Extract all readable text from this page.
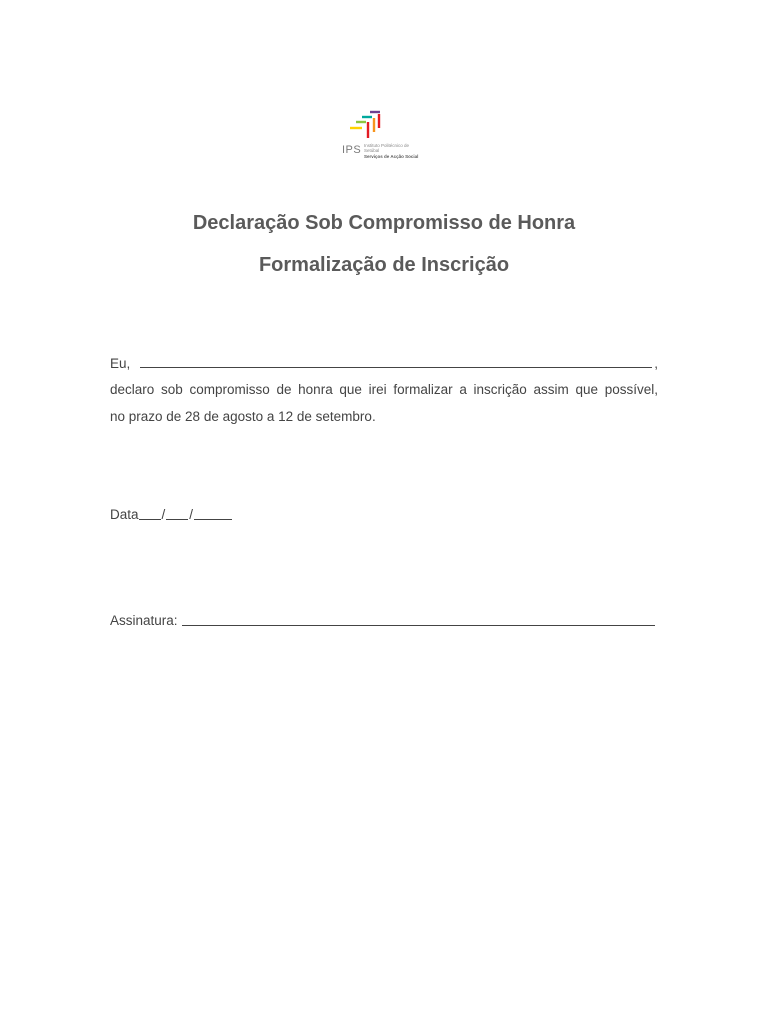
IPS Instituto Politécnico de Setúbal
Serviços de Acção Social
Declaração Sob Compromisso de Honra
Formalização de Inscrição
Eu,	,
declaro sob compromisso de honra que irei formalizar a inscrição assim que possível,
no prazo de 28 de agosto a 12 de setembro.
Data / /
Assinatura:
